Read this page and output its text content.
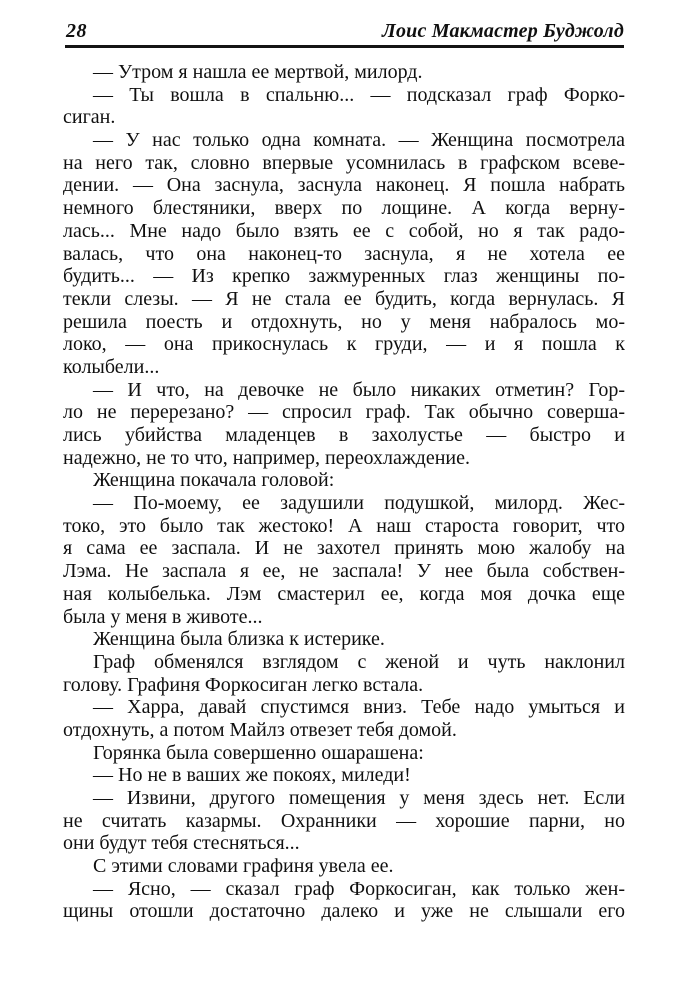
28	Лоис Макмастер Буджолд
— Утром я нашла ее мертвой, милорд.
— Ты вошла в спальню... — подсказал граф Форко-
сиган.
— У нас только одна комната. — Женщина посмотрела
на него так, словно впервые усомнилась в графском всеве-
дении. — Она заснула, заснула наконец. Я пошла набрать
немного блестяники, вверх по лощине. А когда верну-
лась... Мне надо было взять ее с собой, но я так радо-
валась, что она наконец-то заснула, я не хотела ее
будить... — Из крепко зажмуренных глаз женщины по-
текли слезы. — Я не стала ее будить, когда вернулась. Я
решила поесть и отдохнуть, но у меня набралось мо-
локо, — она прикоснулась к груди, — и я пошла к
колыбели...
— И что, на девочке не было никаких отметин? Гор-
ло не перерезано? — спросил граф. Так обычно соверша-
лись убийства младенцев в захолустье — быстро и
надежно, не то что, например, переохлаждение.
Женщина покачала головой:
— По-моему, ее задушили подушкой, милорд. Жес-
токо, это было так жестоко! А наш староста говорит, что
я сама ее заспала. И не захотел принять мою жалобу на
Лэма. Не заспала я ее, не заспала! У нее была собствен-
ная колыбелька. Лэм смастерил ее, когда моя дочка еще
была у меня в животе...
Женщина была близка к истерике.
Граф обменялся взглядом с женой и чуть наклонил
голову. Графиня Форкосиган легко встала.
— Харра, давай спустимся вниз. Тебе надо умыться и
отдохнуть, а потом Майлз отвезет тебя домой.
Горянка была совершенно ошарашена:
— Но не в ваших же покоях, миледи!
— Извини, другого помещения у меня здесь нет. Если
не считать казармы. Охранники — хорошие парни, но
они будут тебя стесняться...
С этими словами графиня увела ее.
— Ясно, — сказал граф Форкосиган, как только жен-
щины отошли достаточно далеко и уже не слышали его
